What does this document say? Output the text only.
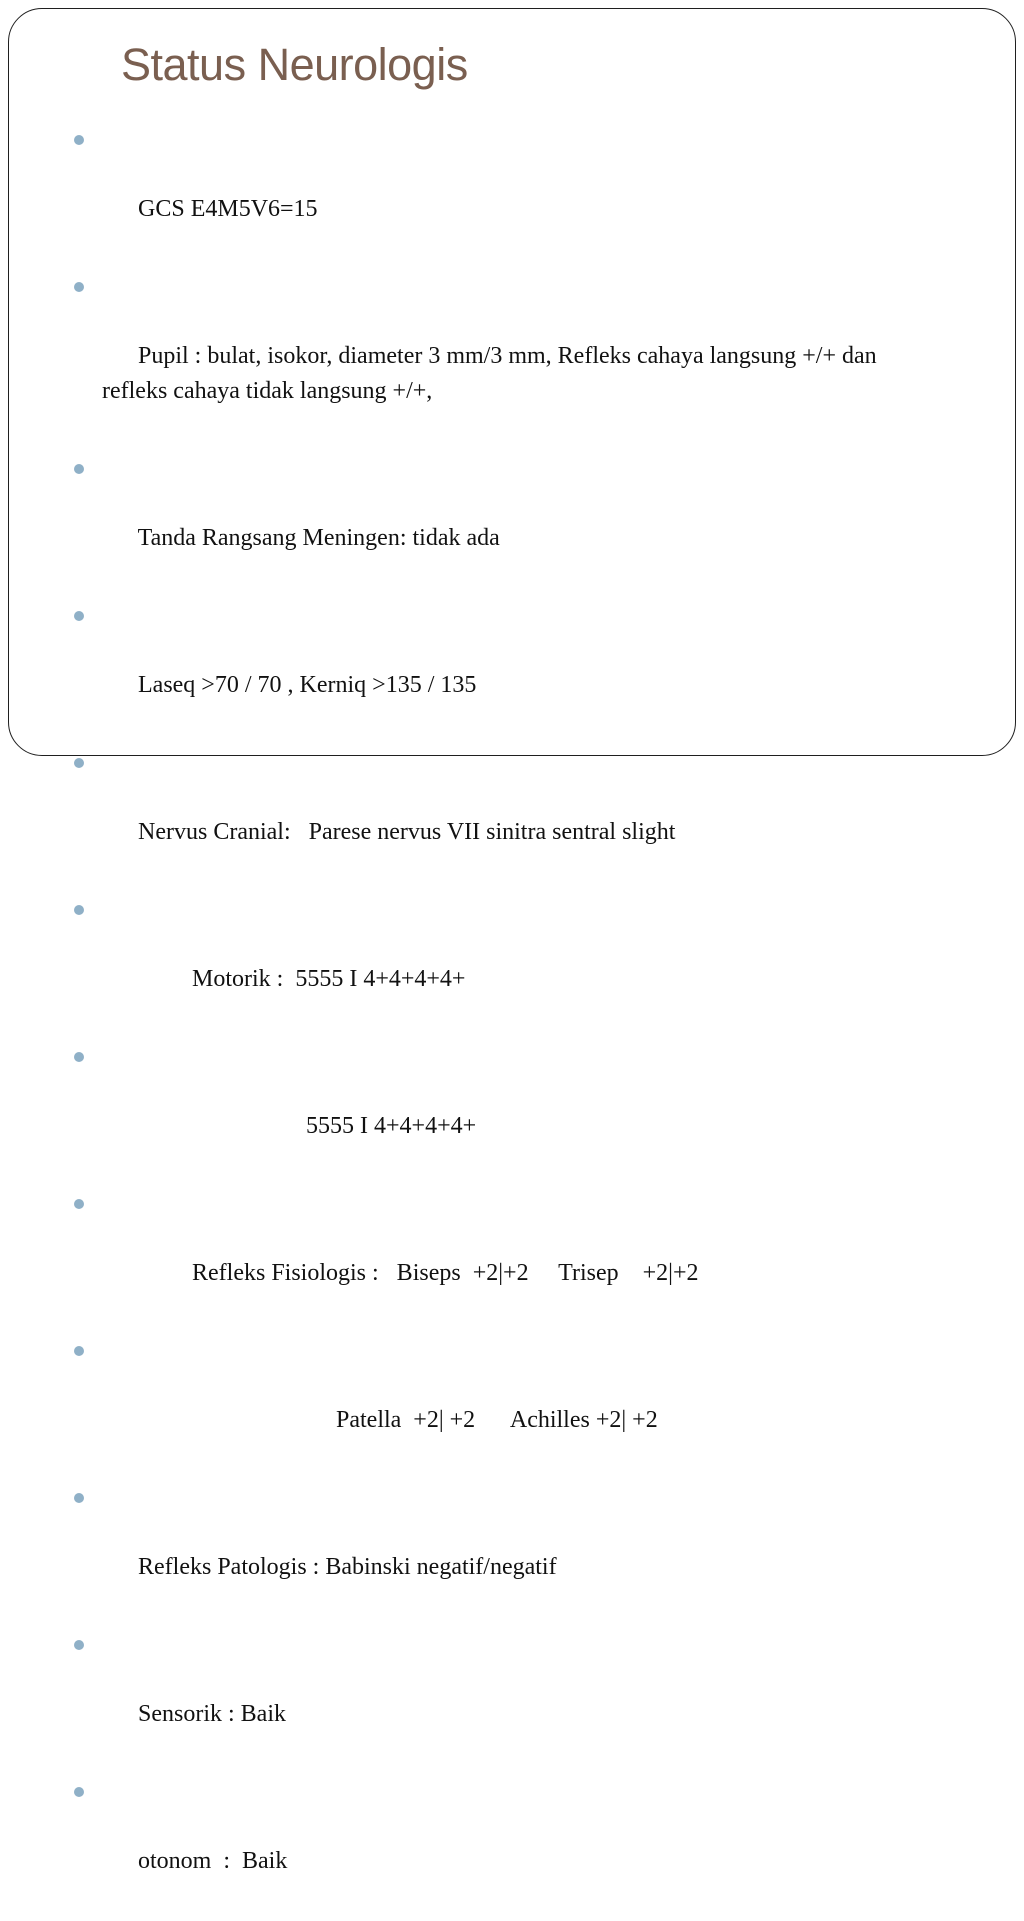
Status Neurologis

GCS E4M5V6=15

Pupil : bulat, isokor, diameter 3 mm/3 mm, Refleks cahaya langsung +/+ dan refleks cahaya tidak langsung +/+,

Tanda Rangsang Meningen: tidak ada

Laseq >70 / 70 , Kerniq >135 / 135

Nervus Cranial:   Parese nervus VII sinitra sentral slight

Motorik :  5555 I 4+4+4+4+

5555 I 4+4+4+4+

Refleks Fisiologis :   Biseps  +2|+2     Trisep    +2|+2

Patella  +2| +2      Achilles +2| +2

Refleks Patologis : Babinski negatif/negatif

Sensorik : Baik

otonom  :  Baik
